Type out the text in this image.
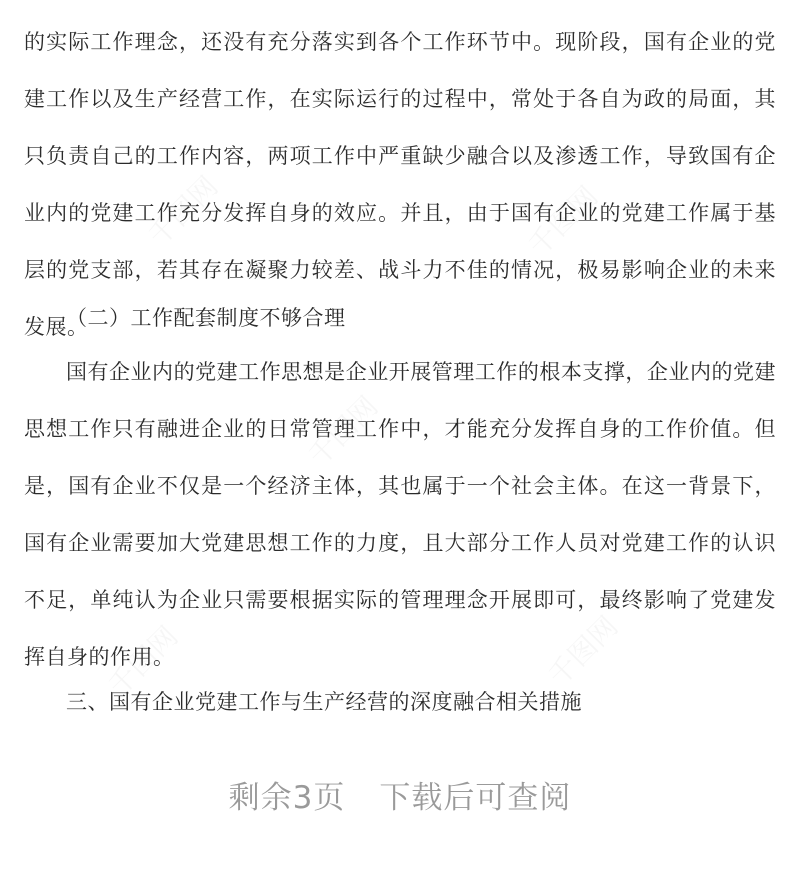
的实际工作理念，还没有充分落实到各个工作环节中。现阶段，国有企业的党建工作以及生产经营工作，在实际运行的过程中，常处于各自为政的局面，其只负责自己的工作内容，两项工作中严重缺少融合以及渗透工作，导致国有企业内的党建工作充分发挥自身的效应。并且，由于国有企业的党建工作属于基层的党支部，若其存在凝聚力较差、战斗力不佳的情况，极易影响企业的未来发展。

（二）工作配套制度不够合理

国有企业内的党建工作思想是企业开展管理工作的根本支撑，企业内的党建思想工作只有融进企业的日常管理工作中，才能充分发挥自身的工作价值。但是，国有企业不仅是一个经济主体，其也属于一个社会主体。在这一背景下，国有企业需要加大党建思想工作的力度，且大部分工作人员对党建工作的认识不足，单纯认为企业只需要根据实际的管理理念开展即可，最终影响了党建发挥自身的作用。

三、国有企业党建工作与生产经营的深度融合相关措施

剩余3页 下载后可查阅
